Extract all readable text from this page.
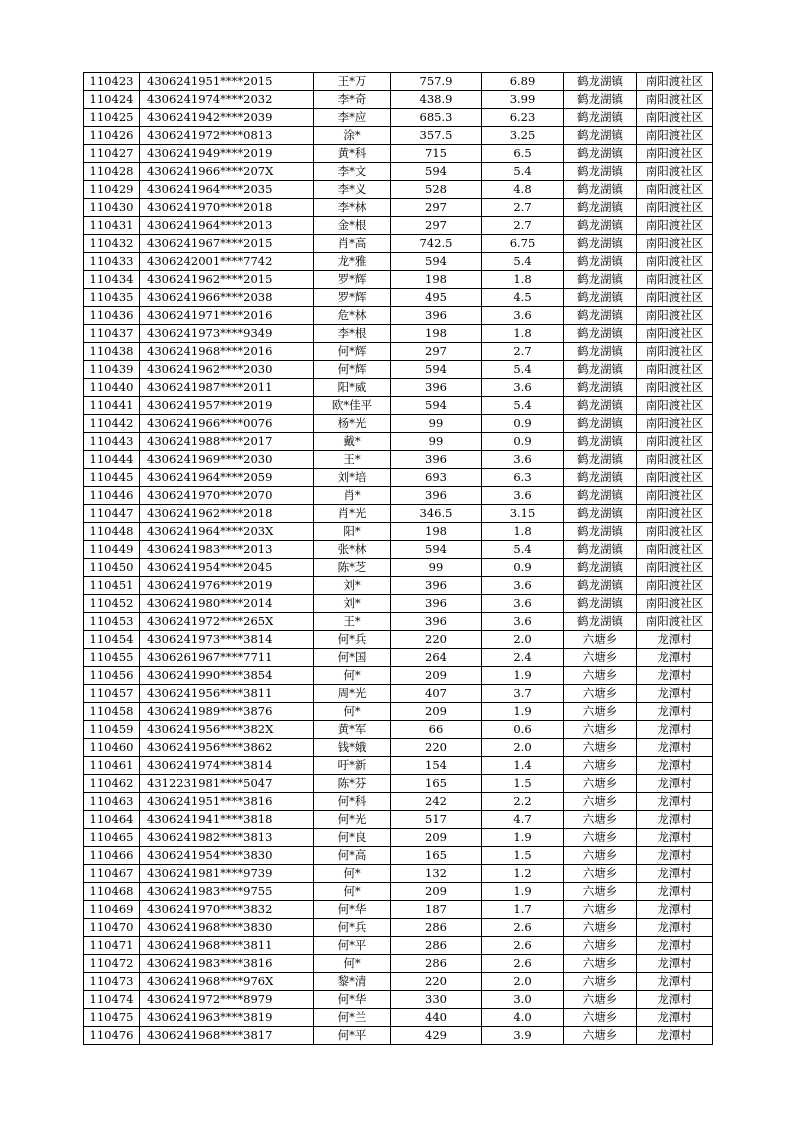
110423	4306241951****2015	王*万	757.9	6.89	鹤龙湖镇	南阳渡社区
110424	4306241974****2032	李*奇	438.9	3.99	鹤龙湖镇	南阳渡社区
110425	4306241942****2039	李*应	685.3	6.23	鹤龙湖镇	南阳渡社区
110426	4306241972****0813	涂*	357.5	3.25	鹤龙湖镇	南阳渡社区
110427	4306241949****2019	黄*科	715	6.5	鹤龙湖镇	南阳渡社区
110428	4306241966****207X	李*文	594	5.4	鹤龙湖镇	南阳渡社区
110429	4306241964****2035	李*义	528	4.8	鹤龙湖镇	南阳渡社区
110430	4306241970****2018	李*林	297	2.7	鹤龙湖镇	南阳渡社区
110431	4306241964****2013	金*根	297	2.7	鹤龙湖镇	南阳渡社区
110432	4306241967****2015	肖*高	742.5	6.75	鹤龙湖镇	南阳渡社区
110433	4306242001****7742	龙*雅	594	5.4	鹤龙湖镇	南阳渡社区
110434	4306241962****2015	罗*辉	198	1.8	鹤龙湖镇	南阳渡社区
110435	4306241966****2038	罗*辉	495	4.5	鹤龙湖镇	南阳渡社区
110436	4306241971****2016	危*林	396	3.6	鹤龙湖镇	南阳渡社区
110437	4306241973****9349	李*根	198	1.8	鹤龙湖镇	南阳渡社区
110438	4306241968****2016	何*辉	297	2.7	鹤龙湖镇	南阳渡社区
110439	4306241962****2030	何*辉	594	5.4	鹤龙湖镇	南阳渡社区
110440	4306241987****2011	阳*威	396	3.6	鹤龙湖镇	南阳渡社区
110441	4306241957****2019	欧*佳平	594	5.4	鹤龙湖镇	南阳渡社区
110442	4306241966****0076	杨*光	99	0.9	鹤龙湖镇	南阳渡社区
110443	4306241988****2017	戴*	99	0.9	鹤龙湖镇	南阳渡社区
110444	4306241969****2030	王*	396	3.6	鹤龙湖镇	南阳渡社区
110445	4306241964****2059	刘*培	693	6.3	鹤龙湖镇	南阳渡社区
110446	4306241970****2070	肖*	396	3.6	鹤龙湖镇	南阳渡社区
110447	4306241962****2018	肖*光	346.5	3.15	鹤龙湖镇	南阳渡社区
110448	4306241964****203X	阳*	198	1.8	鹤龙湖镇	南阳渡社区
110449	4306241983****2013	张*林	594	5.4	鹤龙湖镇	南阳渡社区
110450	4306241954****2045	陈*芝	99	0.9	鹤龙湖镇	南阳渡社区
110451	4306241976****2019	刘*	396	3.6	鹤龙湖镇	南阳渡社区
110452	4306241980****2014	刘*	396	3.6	鹤龙湖镇	南阳渡社区
110453	4306241972****265X	王*	396	3.6	鹤龙湖镇	南阳渡社区
110454	4306241973****3814	何*兵	220	2.0	六塘乡	龙潭村
110455	4306261967****7711	何*国	264	2.4	六塘乡	龙潭村
110456	4306241990****3854	何*	209	1.9	六塘乡	龙潭村
110457	4306241956****3811	周*光	407	3.7	六塘乡	龙潭村
110458	4306241989****3876	何*	209	1.9	六塘乡	龙潭村
110459	4306241956****382X	黄*军	66	0.6	六塘乡	龙潭村
110460	4306241956****3862	钱*娥	220	2.0	六塘乡	龙潭村
110461	4306241974****3814	吁*新	154	1.4	六塘乡	龙潭村
110462	4312231981****5047	陈*芬	165	1.5	六塘乡	龙潭村
110463	4306241951****3816	何*科	242	2.2	六塘乡	龙潭村
110464	4306241941****3818	何*光	517	4.7	六塘乡	龙潭村
110465	4306241982****3813	何*良	209	1.9	六塘乡	龙潭村
110466	4306241954****3830	何*高	165	1.5	六塘乡	龙潭村
110467	4306241981****9739	何*	132	1.2	六塘乡	龙潭村
110468	4306241983****9755	何*	209	1.9	六塘乡	龙潭村
110469	4306241970****3832	何*华	187	1.7	六塘乡	龙潭村
110470	4306241968****3830	何*兵	286	2.6	六塘乡	龙潭村
110471	4306241968****3811	何*平	286	2.6	六塘乡	龙潭村
110472	4306241983****3816	何*	286	2.6	六塘乡	龙潭村
110473	4306241968****976X	黎*清	220	2.0	六塘乡	龙潭村
110474	4306241972****8979	何*华	330	3.0	六塘乡	龙潭村
110475	4306241963****3819	何*兰	440	4.0	六塘乡	龙潭村
110476	4306241968****3817	何*平	429	3.9	六塘乡	龙潭村
